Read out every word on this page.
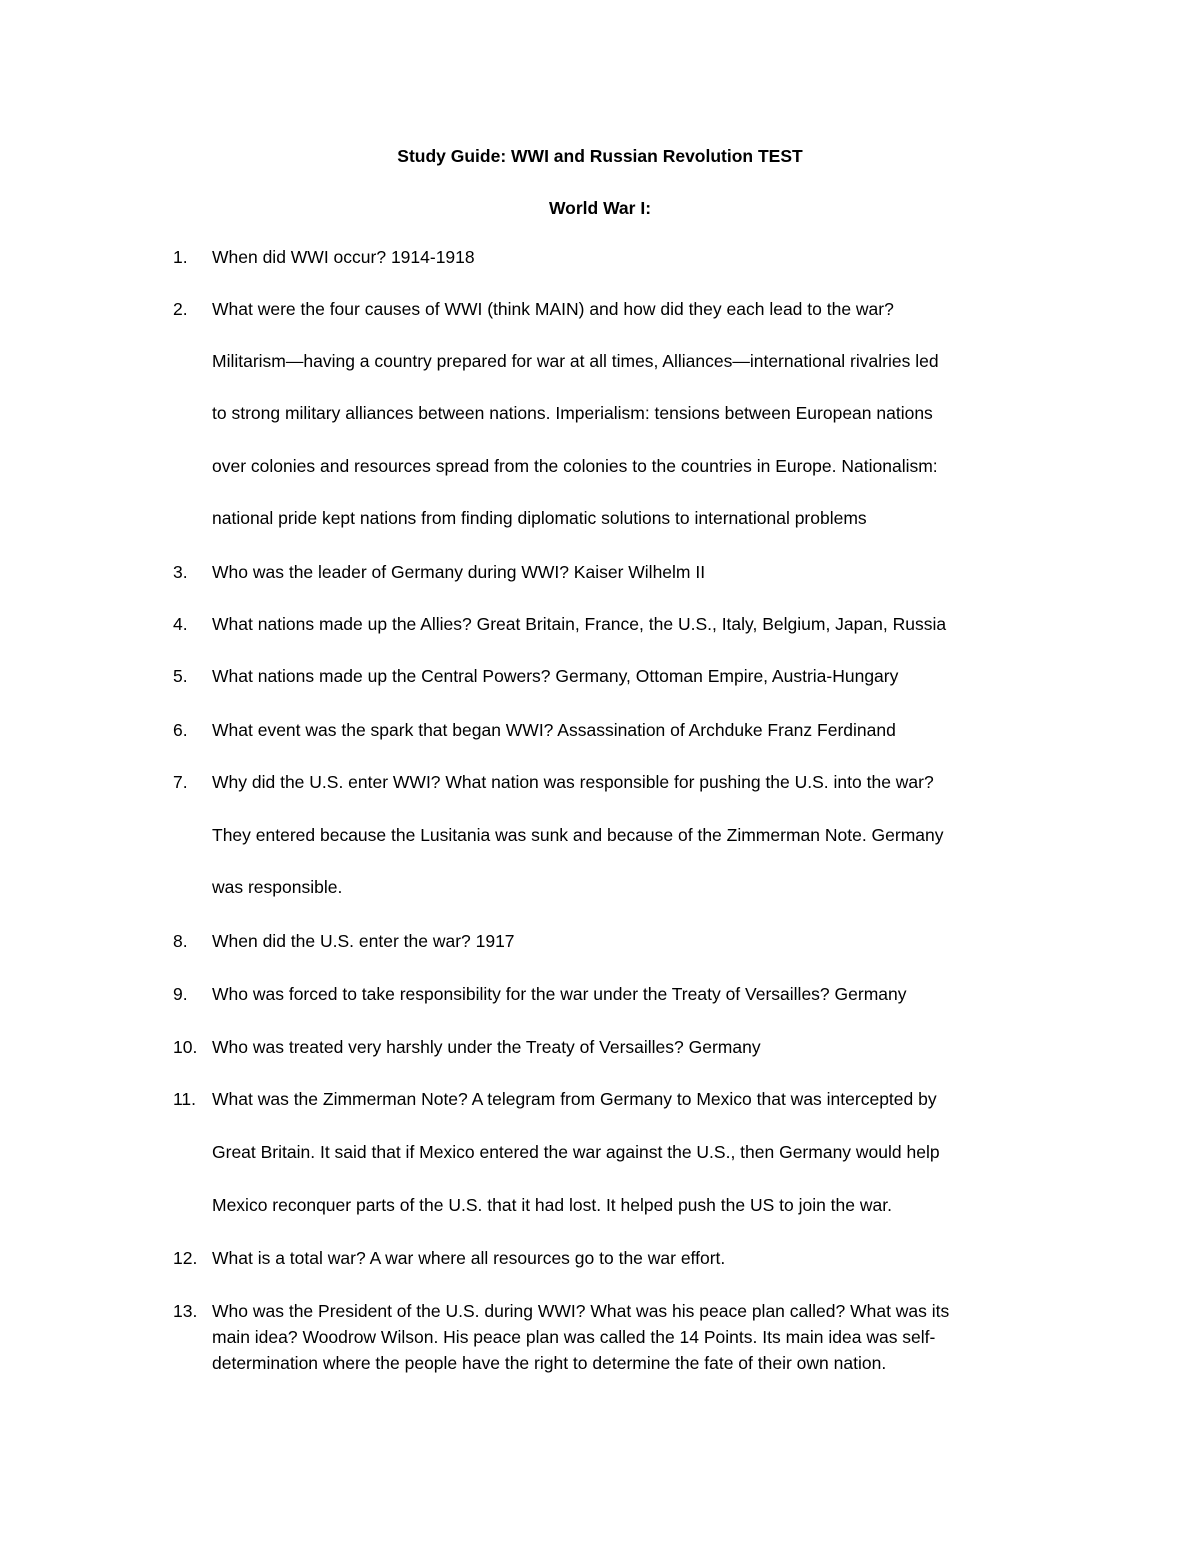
Study Guide: WWI and Russian Revolution TEST
World War I:
1. When did WWI occur? 1914-1918
2. What were the four causes of WWI (think MAIN) and how did they each lead to the war?
Militarism—having a country prepared for war at all times, Alliances—international rivalries led
to strong military alliances between nations. Imperialism: tensions between European nations
over colonies and resources spread from the colonies to the countries in Europe. Nationalism:
national pride kept nations from finding diplomatic solutions to international problems
3. Who was the leader of Germany during WWI? Kaiser Wilhelm II
4. What nations made up the Allies? Great Britain, France, the U.S., Italy, Belgium, Japan, Russia
5. What nations made up the Central Powers? Germany, Ottoman Empire, Austria-Hungary
6. What event was the spark that began WWI? Assassination of Archduke Franz Ferdinand
7. Why did the U.S. enter WWI? What nation was responsible for pushing the U.S. into the war?
They entered because the Lusitania was sunk and because of the Zimmerman Note. Germany
was responsible.
8. When did the U.S. enter the war? 1917
9. Who was forced to take responsibility for the war under the Treaty of Versailles? Germany
10. Who was treated very harshly under the Treaty of Versailles? Germany
11. What was the Zimmerman Note? A telegram from Germany to Mexico that was intercepted by
Great Britain. It said that if Mexico entered the war against the U.S., then Germany would help
Mexico reconquer parts of the U.S. that it had lost. It helped push the US to join the war.
12. What is a total war? A war where all resources go to the war effort.
13. Who was the President of the U.S. during WWI? What was his peace plan called? What was its
main idea? Woodrow Wilson. His peace plan was called the 14 Points. Its main idea was self-
determination where the people have the right to determine the fate of their own nation.
